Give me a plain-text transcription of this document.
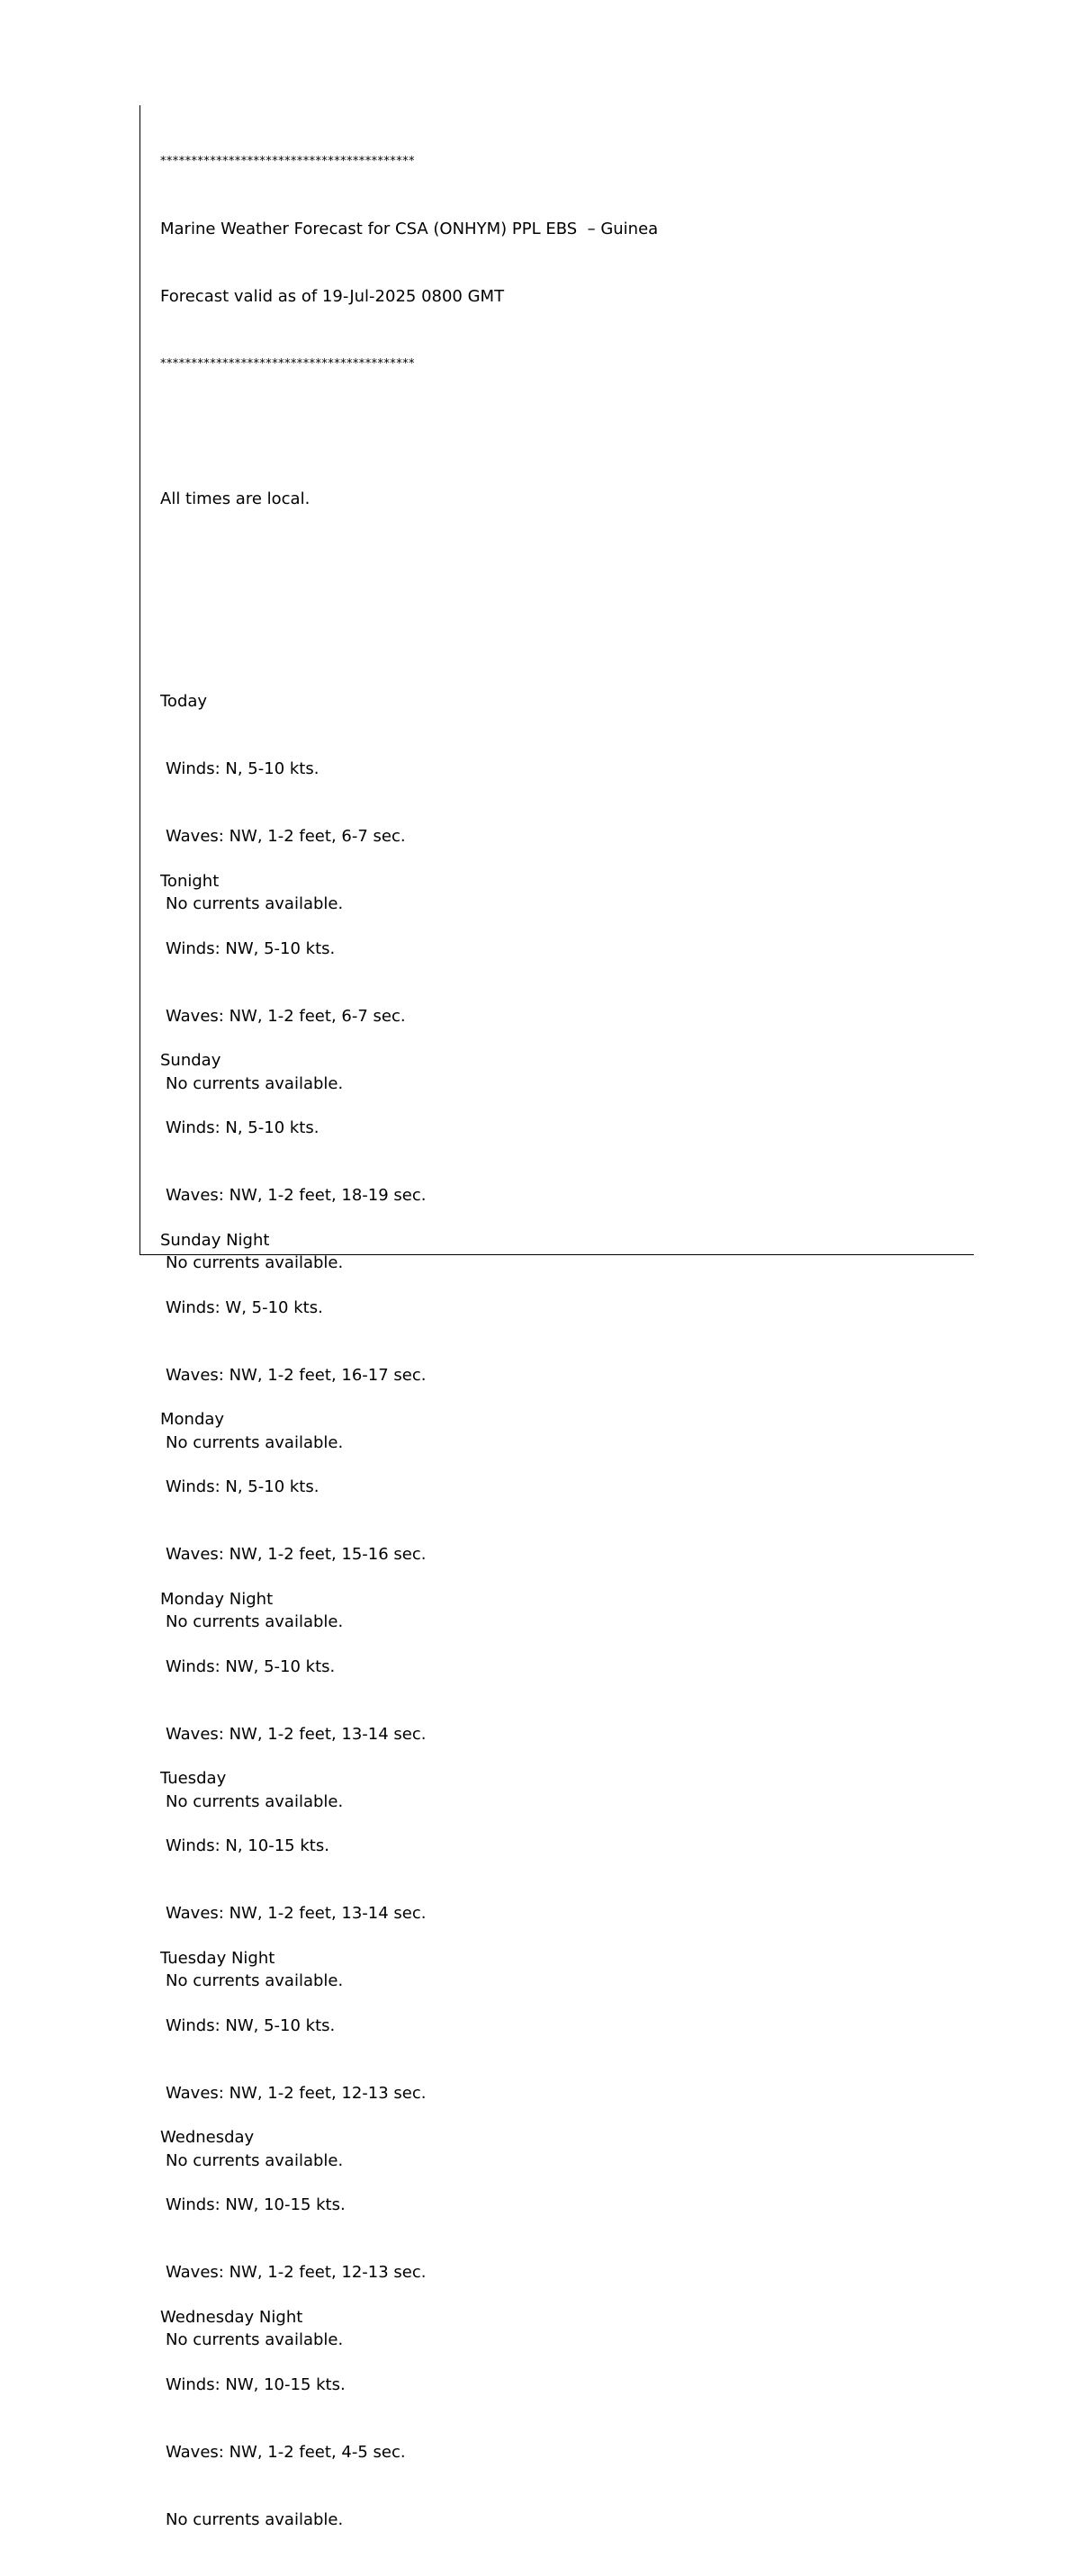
*****************************************

Marine Weather Forecast for CSA (ONHYM) PPL EBS  – Guinea

Forecast valid as of 19-Jul-2025 0800 GMT

*****************************************

All times are local.

Today

Winds: N, 5-10 kts.

Waves: NW, 1-2 feet, 6-7 sec.

No currents available.

Tonight

Winds: NW, 5-10 kts.

Waves: NW, 1-2 feet, 6-7 sec.

No currents available.

Sunday

Winds: N, 5-10 kts.

Waves: NW, 1-2 feet, 18-19 sec.

No currents available.

Sunday Night

Winds: W, 5-10 kts.

Waves: NW, 1-2 feet, 16-17 sec.

No currents available.

Monday

Winds: N, 5-10 kts.

Waves: NW, 1-2 feet, 15-16 sec.

No currents available.

Monday Night

Winds: NW, 5-10 kts.

Waves: NW, 1-2 feet, 13-14 sec.

No currents available.

Tuesday

Winds: N, 10-15 kts.

Waves: NW, 1-2 feet, 13-14 sec.

No currents available.

Tuesday Night

Winds: NW, 5-10 kts.

Waves: NW, 1-2 feet, 12-13 sec.

No currents available.

Wednesday

Winds: NW, 10-15 kts.

Waves: NW, 1-2 feet, 12-13 sec.

No currents available.

Wednesday Night

Winds: NW, 10-15 kts.

Waves: NW, 1-2 feet, 4-5 sec.

No currents available.
